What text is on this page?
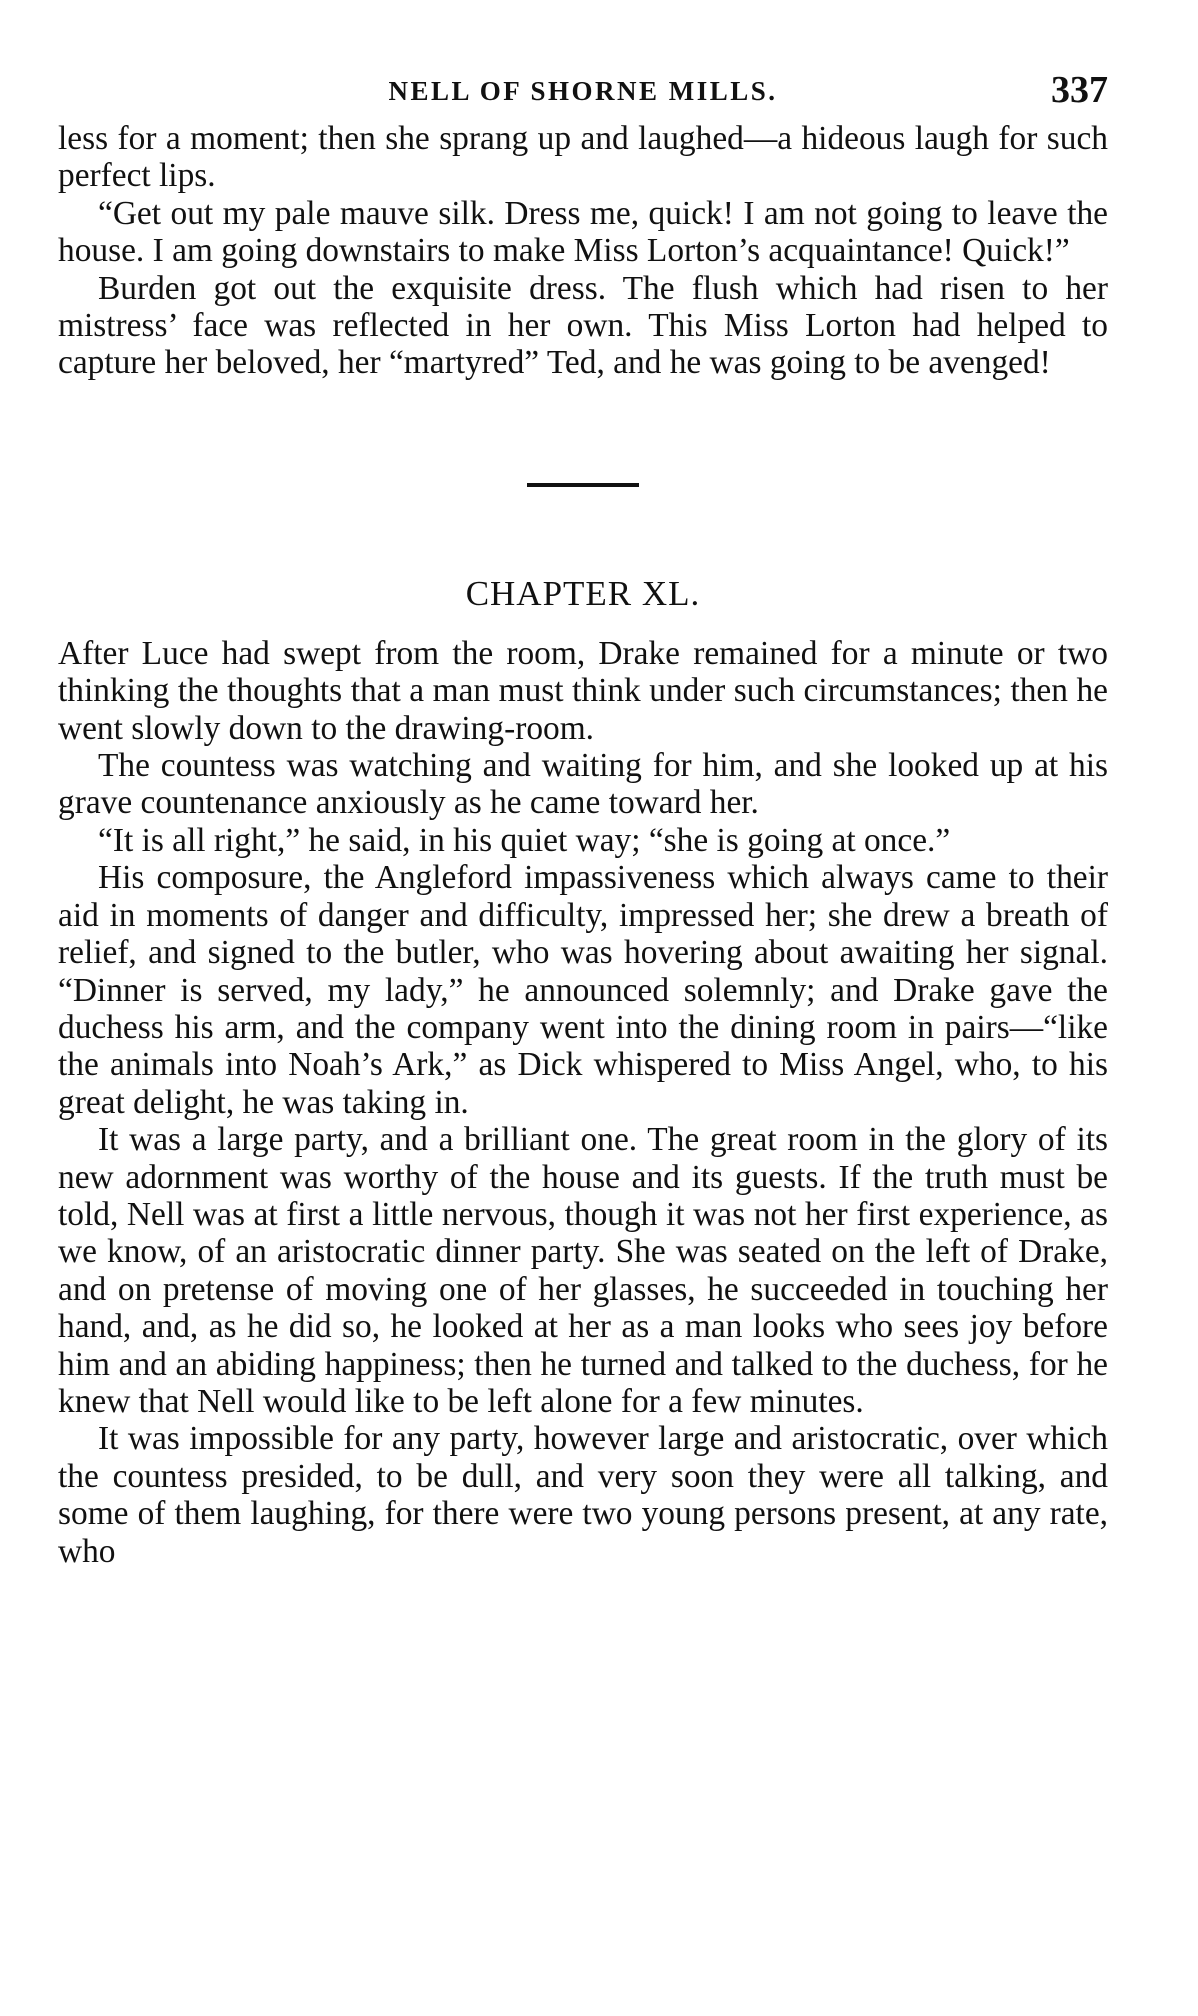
NELL OF SHORNE MILLS.	337

less for a moment; then she sprang up and laughed—a hideous laugh for such perfect lips.

“Get out my pale mauve silk. Dress me, quick! I am not going to leave the house. I am going downstairs to make Miss Lorton’s acquaintance! Quick!”

Burden got out the exquisite dress. The flush which had risen to her mistress’ face was reflected in her own. This Miss Lorton had helped to capture her beloved, her “martyred” Ted, and he was going to be avenged!

CHAPTER XL.

After Luce had swept from the room, Drake remained for a minute or two thinking the thoughts that a man must think under such circumstances; then he went slowly down to the drawing-room.

The countess was watching and waiting for him, and she looked up at his grave countenance anxiously as he came toward her.

“It is all right,” he said, in his quiet way; “she is going at once.”

His composure, the Angleford impassiveness which always came to their aid in moments of danger and difficulty, impressed her; she drew a breath of relief, and signed to the butler, who was hovering about awaiting her signal. “Dinner is served, my lady,” he announced solemnly; and Drake gave the duchess his arm, and the company went into the dining room in pairs—“like the animals into Noah’s Ark,” as Dick whispered to Miss Angel, who, to his great delight, he was taking in.

It was a large party, and a brilliant one. The great room in the glory of its new adornment was worthy of the house and its guests. If the truth must be told, Nell was at first a little nervous, though it was not her first experience, as we know, of an aristocratic dinner party. She was seated on the left of Drake, and on pretense of moving one of her glasses, he succeeded in touching her hand, and, as he did so, he looked at her as a man looks who sees joy before him and an abiding happiness; then he turned and talked to the duchess, for he knew that Nell would like to be left alone for a few minutes.

It was impossible for any party, however large and aristocratic, over which the countess presided, to be dull, and very soon they were all talking, and some of them laughing, for there were two young persons present, at any rate, who
